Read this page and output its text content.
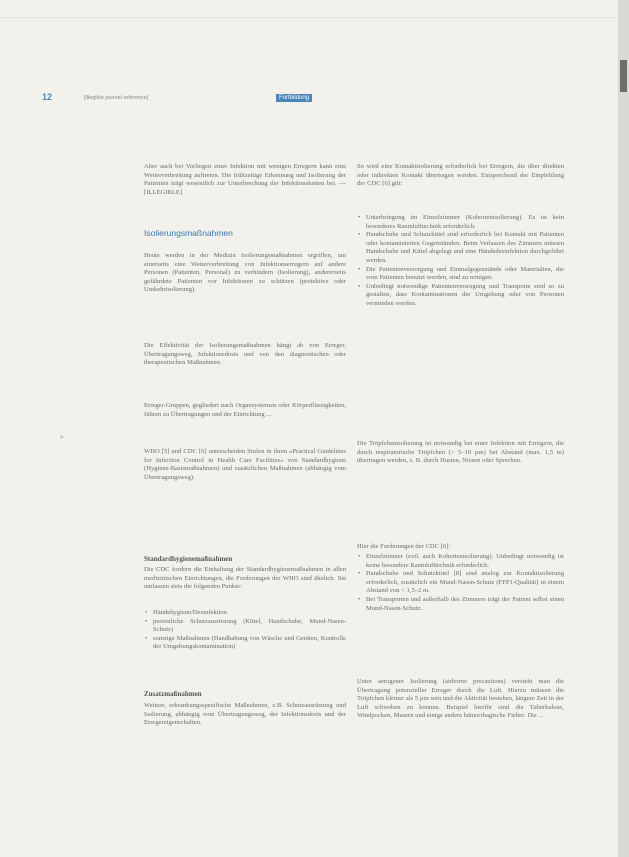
12	[illegible journal reference]	Fortbildung
»
Aber auch bei Vorliegen einer Infektion mit wenigen Erregern kann eine Weiterverbreitung auftreten. Die frühzeitige Erkennung und Isolierung der Patienten trägt wesentlich zur Unterbrechung der Infektionsketten bei. — [ILLEGIBLE]
Isolierungsmaßnahmen
Heute werden in der Medizin Isolierungsmaßnahmen ergriffen, um einerseits eine Weiterverbreitung von Infektionserregern auf andere Personen (Patienten, Personal) zu verhindern (Isolierung), andererseits gefährdete Patienten vor Infektionen zu schützen (protektive oder Umkehrisolierung).
Die Effektivität der Isolierungsmaßnahmen hängt ab von Erreger, Übertragungsweg, Infektionsdosis und von den diagnostischen oder therapeutischen Maßnahmen.
Erreger-Gruppen, gegliedert nach Organsystemen oder Körperflüssigkeiten, führen zu Übertragungen und der Einrichtung ...
WHO [5] und CDC [6] unterscheiden Stufen in ihren »Practical Guidelines for Infection Control in Health Care Facilities« von Standardhygiene (Hygiene-Basismaßnahmen) und zusätzlichen Maßnahmen (abhängig vom Übertragungsweg).
Standardhygienemaßnahmen
Die CDC fordern die Einhaltung der Standardhygienemaßnahmen in allen medizinischen Einrichtungen, die Forderungen der WHO sind ähnlich. Sie umfassen stets die folgenden Punkte:
• Händehygiene/Desinfektion
• persönliche Schutzausrüstung (Kittel, Handschuhe, Mund-Nasen-Schutz)
• sonstige Maßnahmen (Handhabung von Wäsche und Geräten, Kontrolle der Umgebungskontamination)
Zusatzmaßnahmen
Weitere, erkrankungsspezifische Maßnahmen, z.B. Schutzausrüstung und Isolierung, abhängig vom Übertragungsweg, der Infektionsdosis und der Erregereigenschaften.
So wird eine Kontaktisolierung erforderlich bei Erregern, die über direkten oder indirekten Kontakt übertragen werden. Entsprechend der Empfehlung der CDC [6] gilt:
• Unterbringung im Einzelzimmer (Kohortenisolierung). Es ist kein besonderes Raumlufttechnik erforderlich.
• Handschuhe und Schutzkittel sind erforderlich bei Kontakt mit Patienten oder kontaminierten Gegenständen. Beim Verlassen des Zimmers müssen Handschuhe und Kittel abgelegt und eine Händedesinfektion durchgeführt werden.
• Die Patientenversorgung und Einmalgegenstände oder Materialien, die vom Patienten benutzt werden, sind zu reinigen.
• Unbedingt notwendige Patientenversorgung und Transporte sind so zu gestalten, dass Kontaminationen der Umgebung oder von Personen vermieden werden.
Die Tröpfchenisolierung ist notwendig bei einer Infektion mit Erregern, die durch respiratorische Tröpfchen (> 5–10 µm) bei Abstand (max. 1,5 m) übertragen werden, z. B. durch Husten, Niesen oder Sprechen.
Hier die Forderungen der CDC [6]:
• Einzelzimmer (evtl. auch Kohortenisolierung). Unbedingt notwendig ist keine besondere Raumlufttechnik erforderlich.
• Handschuhe und Schutzkittel [8] sind analog zur Kontaktisolierung erforderlich, zusätzlich ein Mund-Nasen-Schutz (FFP1-Qualität) in einem Abstand von < 1,5–2 m.
• Bei Transporten und außerhalb des Zimmers trägt der Patient selbst einen Mund-Nasen-Schutz.
Unter aerogener Isolierung (airborne precautions) versteht man die Übertragung potenzieller Erreger durch die Luft. Hierzu müssen die Tröpfchen kleiner als 5 µm sein und die Aktivität bestehen, längere Zeit in der Luft schweben zu können. Beispiel hierfür sind die Tuberkulose, Windpocken, Masern und einige andere hämorrhagische Fieber. Die ...
